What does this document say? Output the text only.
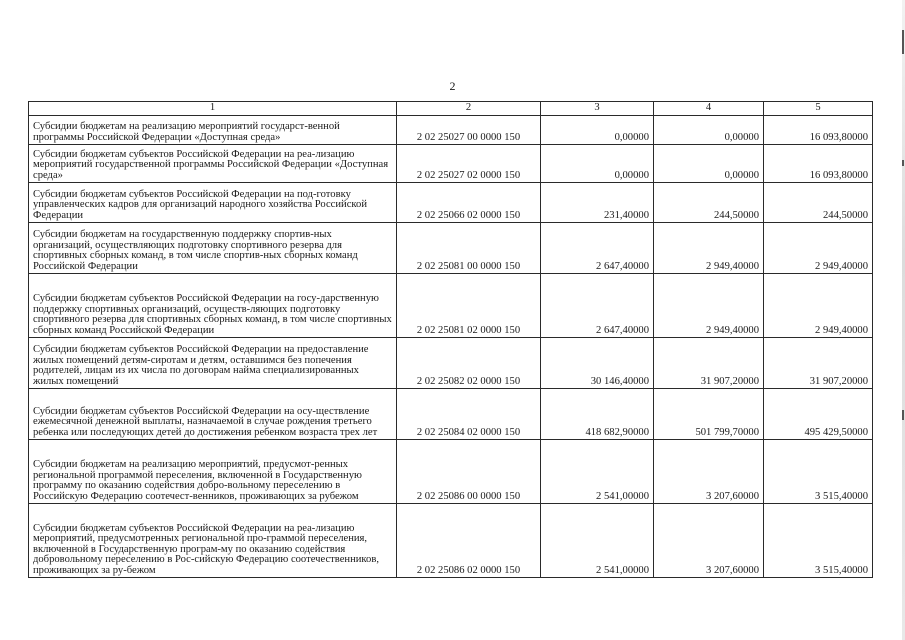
2
1	2	3	4	5
Субсидии бюджетам на реализацию мероприятий государст-венной программы Российской Федерации «Доступная среда»	2 02 25027 00 0000 150	0,00000	0,00000	16 093,80000
Субсидии бюджетам субъектов Российской Федерации на реа-лизацию мероприятий государственной программы Российской Федерации «Доступная среда»	2 02 25027 02 0000 150	0,00000	0,00000	16 093,80000
Субсидии бюджетам субъектов Российской Федерации на под-готовку управленческих кадров для организаций народного хозяйства Российской Федерации	2 02 25066 02 0000 150	231,40000	244,50000	244,50000
Субсидии бюджетам на государственную поддержку спортив-ных организаций, осуществляющих подготовку спортивного резерва для спортивных сборных команд, в том числе спортив-ных сборных команд Российской Федерации	2 02 25081 00 0000 150	2 647,40000	2 949,40000	2 949,40000
Субсидии бюджетам субъектов Российской Федерации на госу-дарственную поддержку спортивных организаций, осуществ-ляющих подготовку спортивного резерва для спортивных сборных команд, в том числе спортивных сборных команд Российской Федерации	2 02 25081 02 0000 150	2 647,40000	2 949,40000	2 949,40000
Субсидии бюджетам субъектов Российской Федерации на предоставление жилых помещений детям-сиротам и детям, оставшимся без попечения родителей, лицам из их числа по договорам найма специализированных жилых помещений	2 02 25082 02 0000 150	30 146,40000	31 907,20000	31 907,20000
Субсидии бюджетам субъектов Российской Федерации на осу-ществление ежемесячной денежной выплаты, назначаемой в случае рождения третьего ребенка или последующих детей до достижения ребенком возраста трех лет	2 02 25084 02 0000 150	418 682,90000	501 799,70000	495 429,50000
Субсидии бюджетам на реализацию мероприятий, предусмот-ренных региональной программой переселения, включенной в Государственную программу по оказанию содействия добро-вольному переселению в Российскую Федерацию соотечест-венников, проживающих за рубежом	2 02 25086 00 0000 150	2 541,00000	3 207,60000	3 515,40000
Субсидии бюджетам субъектов Российской Федерации на реа-лизацию мероприятий, предусмотренных региональной про-граммой переселения, включенной в Государственную програм-му по оказанию содействия добровольному переселению в Рос-сийскую Федерацию соотечественников, проживающих за ру-бежом	2 02 25086 02 0000 150	2 541,00000	3 207,60000	3 515,40000
